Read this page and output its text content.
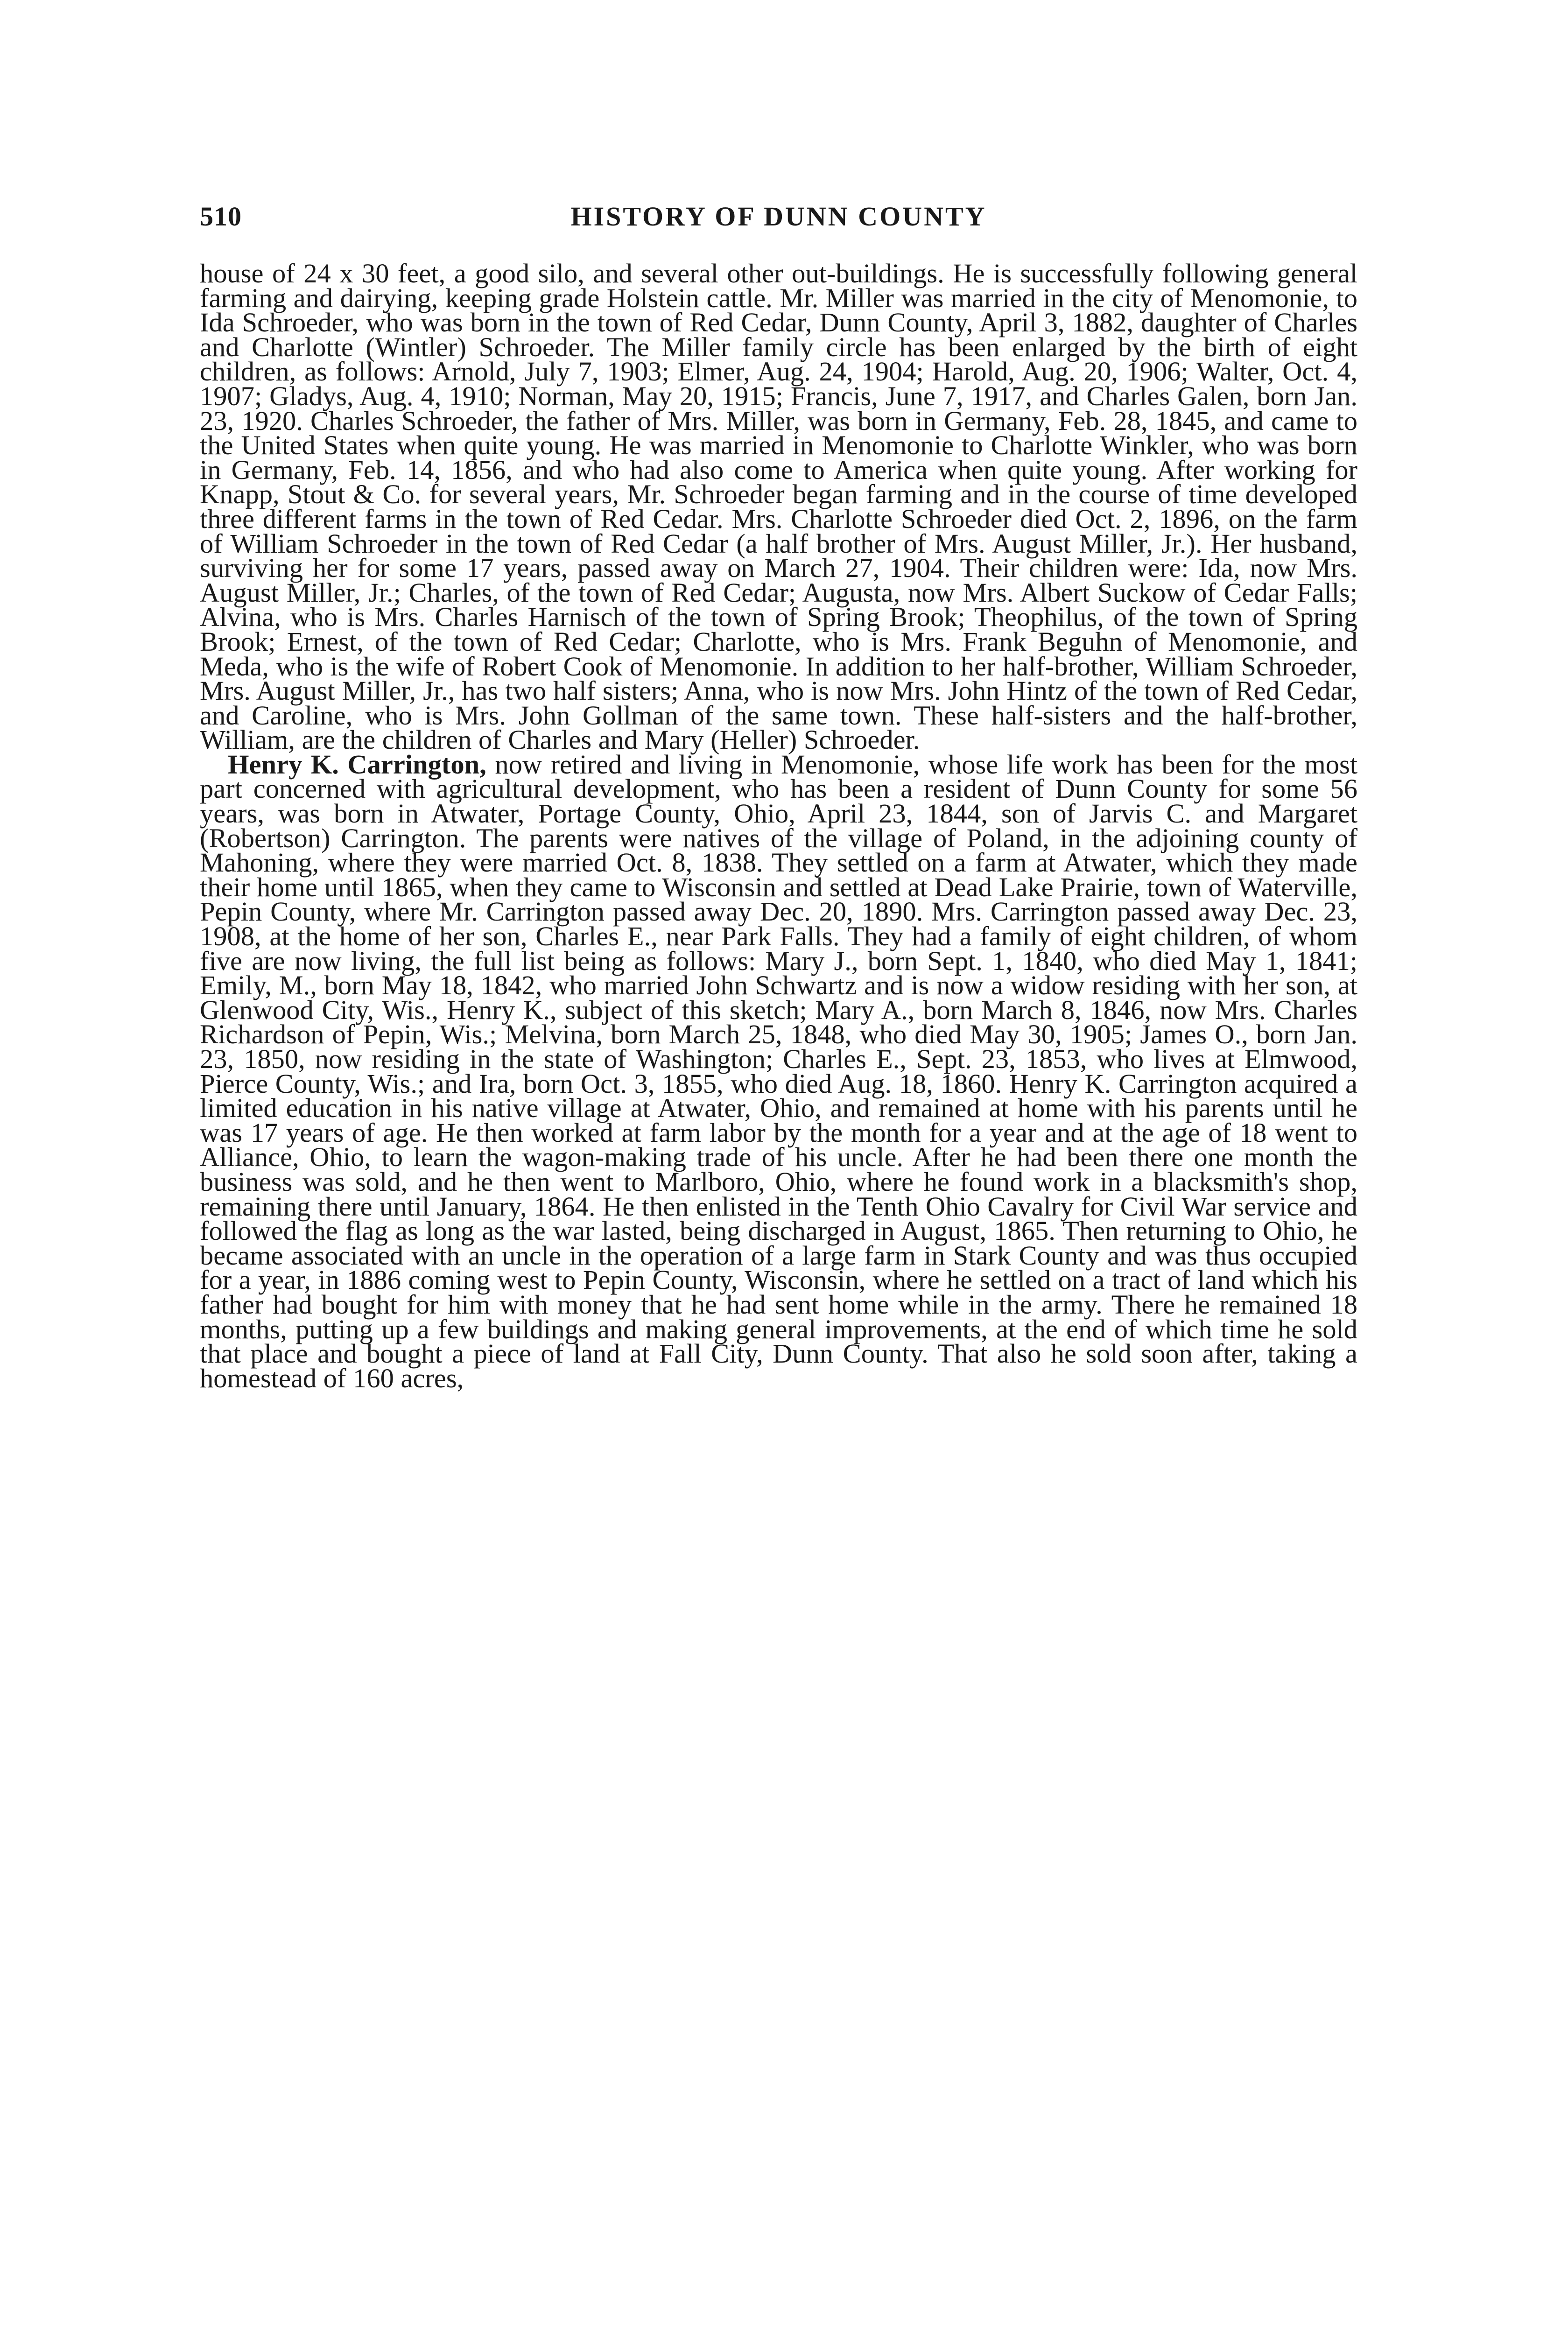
510	HISTORY OF DUNN COUNTY

house of 24 x 30 feet, a good silo, and several other out-buildings. He is successfully following general farming and dairying, keeping grade Holstein cattle. Mr. Miller was married in the city of Menomonie, to Ida Schroeder, who was born in the town of Red Cedar, Dunn County, April 3, 1882, daughter of Charles and Charlotte (Wintler) Schroeder. The Miller family circle has been enlarged by the birth of eight children, as follows: Arnold, July 7, 1903; Elmer, Aug. 24, 1904; Harold, Aug. 20, 1906; Walter, Oct. 4, 1907; Gladys, Aug. 4, 1910; Norman, May 20, 1915; Francis, June 7, 1917, and Charles Galen, born Jan. 23, 1920. Charles Schroeder, the father of Mrs. Miller, was born in Germany, Feb. 28, 1845, and came to the United States when quite young. He was married in Menomonie to Charlotte Winkler, who was born in Germany, Feb. 14, 1856, and who had also come to America when quite young. After working for Knapp, Stout & Co. for several years, Mr. Schroeder began farming and in the course of time developed three different farms in the town of Red Cedar. Mrs. Charlotte Schroeder died Oct. 2, 1896, on the farm of William Schroeder in the town of Red Cedar (a half brother of Mrs. August Miller, Jr.). Her husband, surviving her for some 17 years, passed away on March 27, 1904. Their children were: Ida, now Mrs. August Miller, Jr.; Charles, of the town of Red Cedar; Augusta, now Mrs. Albert Suckow of Cedar Falls; Alvina, who is Mrs. Charles Harnisch of the town of Spring Brook; Theophilus, of the town of Spring Brook; Ernest, of the town of Red Cedar; Charlotte, who is Mrs. Frank Beguhn of Menomonie, and Meda, who is the wife of Robert Cook of Menomonie. In addition to her half-brother, William Schroeder, Mrs. August Miller, Jr., has two half sisters; Anna, who is now Mrs. John Hintz of the town of Red Cedar, and Caroline, who is Mrs. John Gollman of the same town. These half-sisters and the half-brother, William, are the children of Charles and Mary (Heller) Schroeder.

Henry K. Carrington, now retired and living in Menomonie, whose life work has been for the most part concerned with agricultural development, who has been a resident of Dunn County for some 56 years, was born in Atwater, Portage County, Ohio, April 23, 1844, son of Jarvis C. and Margaret (Robertson) Carrington. The parents were natives of the village of Poland, in the adjoining county of Mahoning, where they were married Oct. 8, 1838. They settled on a farm at Atwater, which they made their home until 1865, when they came to Wisconsin and settled at Dead Lake Prairie, town of Waterville, Pepin County, where Mr. Carrington passed away Dec. 20, 1890. Mrs. Carrington passed away Dec. 23, 1908, at the home of her son, Charles E., near Park Falls. They had a family of eight children, of whom five are now living, the full list being as follows: Mary J., born Sept. 1, 1840, who died May 1, 1841; Emily, M., born May 18, 1842, who married John Schwartz and is now a widow residing with her son, at Glenwood City, Wis., Henry K., subject of this sketch; Mary A., born March 8, 1846, now Mrs. Charles Richardson of Pepin, Wis.; Melvina, born March 25, 1848, who died May 30, 1905; James O., born Jan. 23, 1850, now residing in the state of Washington; Charles E., Sept. 23, 1853, who lives at Elmwood, Pierce County, Wis.; and Ira, born Oct. 3, 1855, who died Aug. 18, 1860. Henry K. Carrington acquired a limited education in his native village at Atwater, Ohio, and remained at home with his parents until he was 17 years of age. He then worked at farm labor by the month for a year and at the age of 18 went to Alliance, Ohio, to learn the wagon-making trade of his uncle. After he had been there one month the business was sold, and he then went to Marlboro, Ohio, where he found work in a blacksmith's shop, remaining there until January, 1864. He then enlisted in the Tenth Ohio Cavalry for Civil War service and followed the flag as long as the war lasted, being discharged in August, 1865. Then returning to Ohio, he became associated with an uncle in the operation of a large farm in Stark County and was thus occupied for a year, in 1886 coming west to Pepin County, Wisconsin, where he settled on a tract of land which his father had bought for him with money that he had sent home while in the army. There he remained 18 months, putting up a few buildings and making general improvements, at the end of which time he sold that place and bought a piece of land at Fall City, Dunn County. That also he sold soon after, taking a homestead of 160 acres,
